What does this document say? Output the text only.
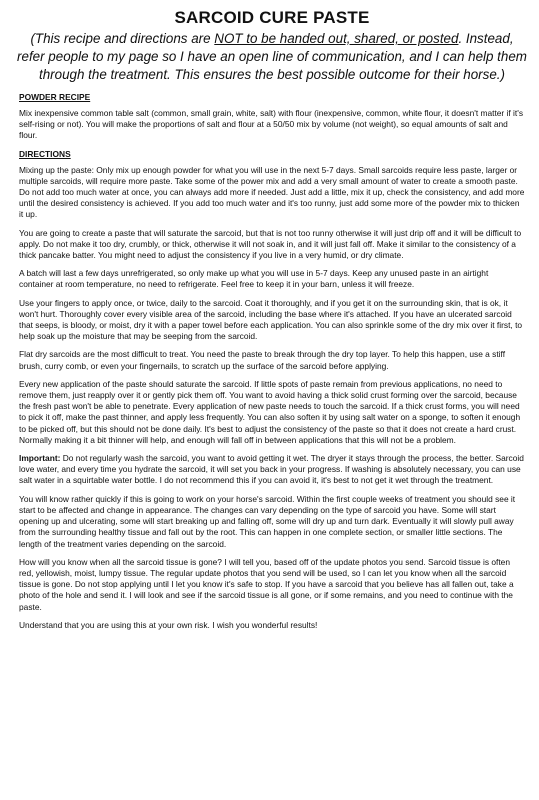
SARCOID CURE PASTE
(This recipe and directions are NOT to be handed out, shared, or posted. Instead, refer people to my page so I have an open line of communication, and I can help them through the treatment. This ensures the best possible outcome for their horse.)
POWDER RECIPE
Mix inexpensive common table salt (common, small grain, white, salt) with flour (inexpensive, common, white flour, it doesn't matter if it's self-rising or not). You will make the proportions of salt and flour at a 50/50 mix by volume (not weight), so equal amounts of salt and flour.
DIRECTIONS
Mixing up the paste: Only mix up enough powder for what you will use in the next 5-7 days. Small sarcoids require less paste, larger or multiple sarcoids, will require more paste. Take some of the power mix and add a very small amount of water to create a smooth paste. Do not add too much water at once, you can always add more if needed. Just add a little, mix it up, check the consistency, and add more until the desired consistency is achieved. If you add too much water and it's too runny, just add some more of the powder mix to thicken it up.
You are going to create a paste that will saturate the sarcoid, but that is not too runny otherwise it will just drip off and it will be difficult to apply. Do not make it too dry, crumbly, or thick, otherwise it will not soak in, and it will just fall off. Make it similar to the consistency of a thick pancake batter. You might need to adjust the consistency if you live in a very humid, or dry climate.
A batch will last a few days unrefrigerated, so only make up what you will use in 5-7 days. Keep any unused paste in an airtight container at room temperature, no need to refrigerate. Feel free to keep it in your barn, unless it will freeze.
Use your fingers to apply once, or twice, daily to the sarcoid. Coat it thoroughly, and if you get it on the surrounding skin, that is ok, it won't hurt. Thoroughly cover every visible area of the sarcoid, including the base where it's attached. If you have an ulcerated sarcoid that seeps, is bloody, or moist, dry it with a paper towel before each application. You can also sprinkle some of the dry mix over it first, to help soak up the moisture that may be seeping from the sarcoid.
Flat dry sarcoids are the most difficult to treat. You need the paste to break through the dry top layer. To help this happen, use a stiff brush, curry comb, or even your fingernails, to scratch up the surface of the sarcoid before applying.
Every new application of the paste should saturate the sarcoid. If little spots of paste remain from previous applications, no need to remove them, just reapply over it or gently pick them off. You want to avoid having a thick solid crust forming over the sarcoid, because the fresh past won't be able to penetrate. Every application of new paste needs to touch the sarcoid. If a thick crust forms, you will need to pick it off, make the past thinner, and apply less frequently. You can also soften it by using salt water on a sponge, to soften it enough to be picked off, but this should not be done daily. It's best to adjust the consistency of the paste so that it does not create a hard crust. Normally making it a bit thinner will help, and enough will fall off in between applications that this will not be a problem.
Important: Do not regularly wash the sarcoid, you want to avoid getting it wet. The dryer it stays through the process, the better. Sarcoid love water, and every time you hydrate the sarcoid, it will set you back in your progress. If washing is absolutely necessary, you can use salt water in a squirtable water bottle. I do not recommend this if you can avoid it, it's best to not get it wet through the treatment.
You will know rather quickly if this is going to work on your horse's sarcoid. Within the first couple weeks of treatment you should see it start to be affected and change in appearance. The changes can vary depending on the type of sarcoid you have. Some will start opening up and ulcerating, some will start breaking up and falling off, some will dry up and turn dark. Eventually it will slowly pull away from the surrounding healthy tissue and fall out by the root. This can happen in one complete section, or smaller little sections. The length of the treatment varies depending on the sarcoid.
How will you know when all the sarcoid tissue is gone? I will tell you, based off of the update photos you send. Sarcoid tissue is often red, yellowish, moist, lumpy tissue. The regular update photos that you send will be used, so I can let you know when all the sarcoid tissue is gone. Do not stop applying until I let you know it's safe to stop. If you have a sarcoid that you believe has all fallen out, take a photo of the hole and send it. I will look and see if the sarcoid tissue is all gone, or if some remains, and you need to continue with the paste.
Understand that you are using this at your own risk. I wish you wonderful results!
